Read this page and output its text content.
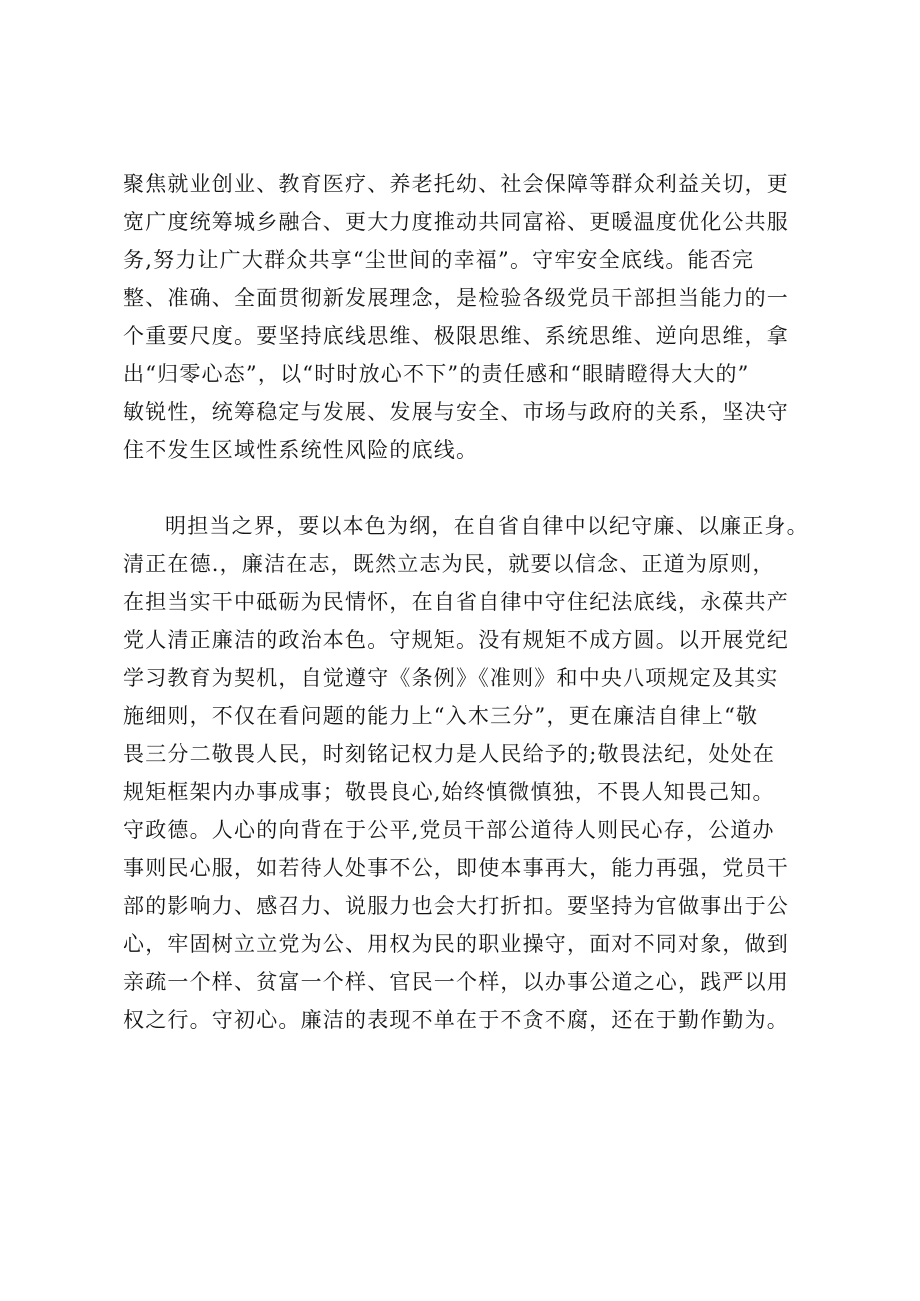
聚焦就业创业、教育医疗、养老托幼、社会保障等群众利益关切，更
宽广度统筹城乡融合、更大力度推动共同富裕、更暖温度优化公共服
务,努力让广大群众共享“尘世间的幸福”。守牢安全底线。能否完
整、准确、全面贯彻新发展理念，是检验各级党员干部担当能力的一
个重要尺度。要坚持底线思维、极限思维、系统思维、逆向思维，拿
出“归零心态”，以“时时放心不下”的责任感和“眼睛瞪得大大的”
敏锐性，统筹稳定与发展、发展与安全、市场与政府的关系，坚决守
住不发生区域性系统性风险的底线。
明担当之界，要以本色为纲，在自省自律中以纪守廉、以廉正身。
清正在德.，廉洁在志，既然立志为民，就要以信念、正道为原则，
在担当实干中砥砺为民情怀，在自省自律中守住纪法底线，永葆共产
党人清正廉洁的政治本色。守规矩。没有规矩不成方圆。以开展党纪
学习教育为契机，自觉遵守《条例》《准则》和中央八项规定及其实
施细则，不仅在看问题的能力上“入木三分”，更在廉洁自律上“敬
畏三分二敬畏人民，时刻铭记权力是人民给予的;敬畏法纪，处处在
规矩框架内办事成事；敬畏良心,始终慎微慎独，不畏人知畏己知。
守政德。人心的向背在于公平,党员干部公道待人则民心存，公道办
事则民心服，如若待人处事不公，即使本事再大，能力再强，党员干
部的影响力、感召力、说服力也会大打折扣。要坚持为官做事出于公
心，牢固树立立党为公、用权为民的职业操守，面对不同对象，做到
亲疏一个样、贫富一个样、官民一个样，以办事公道之心，践严以用
权之行。守初心。廉洁的表现不单在于不贪不腐，还在于勤作勤为。
